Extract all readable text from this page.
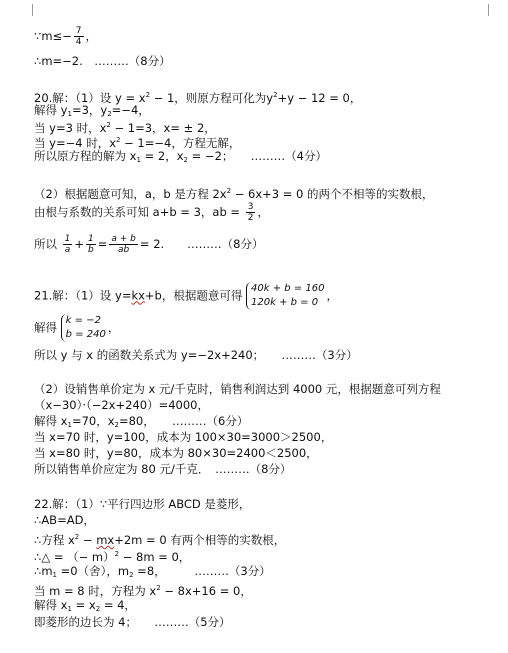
∵m≤− $\frac{7}{4}$ ，
∴m=−2.　………（8分）
20.解：（1）设 $y = x^2 - 1$，则原方程可化为$y^2+y - 12 = 0$，
解得 $y_1=3$，$y_2=-4$，
当 y=3 时，$x^2 - 1=3$，x= ± 2，
当 y=−4 时，$x^2 - 1=-4$，方程无解，
所以原方程的解为 $x_1 = 2$，$x_2 = -2$；　　………（4分）
（2）根据题意可知，a，b 是方程 $2x^2 - 6x+3 = 0$ 的两个不相等的实数根，
由根与系数的关系可知 a+b = 3，ab = $\frac{3}{2}$ ，
所以 $\frac{1}{a} + \frac{1}{b} = \frac{a + b}{ab} = 2$.　　………（8分）
21.解：（1）设 y=kx+b，根据题意可得 40k + b = 160
120k + b = 0 ，
解得 k = −2
b = 240 ，
所以 y 与 x 的函数关系式为 y=−2x+240；　　………（3分）
（2）设销售单价定为 x 元/千克时，销售利润达到 4000 元，根据题意可列方程
（x−30）·（−2x+240）=4000，
解得 $x_1=70$，$x_2=80$，　　………（6分）
当 x=70 时，y=100，成本为 100×30=3000＞2500，
当 x=80 时，y=80，成本为 80×30=2400＜2500，
所以销售单价应定为 80 元/千克．　………（8分）
22.解：（1）∵平行四边形 ABCD 是菱形，
∴AB=AD，
∴方程 $x^2 - mx+2m = 0$ 有两个相等的实数根，
∴△ = （− m）$^2$ − 8m = 0，
$\therefore m_1 =0$（舍），$m_2 =8$，　　　………（3分）
当 m = 8 时，方程为 $x^2 - 8x+16 = 0$，
解得 $x_1 = x_2 = 4$，
即菱形的边长为 4；　　………（5分）
